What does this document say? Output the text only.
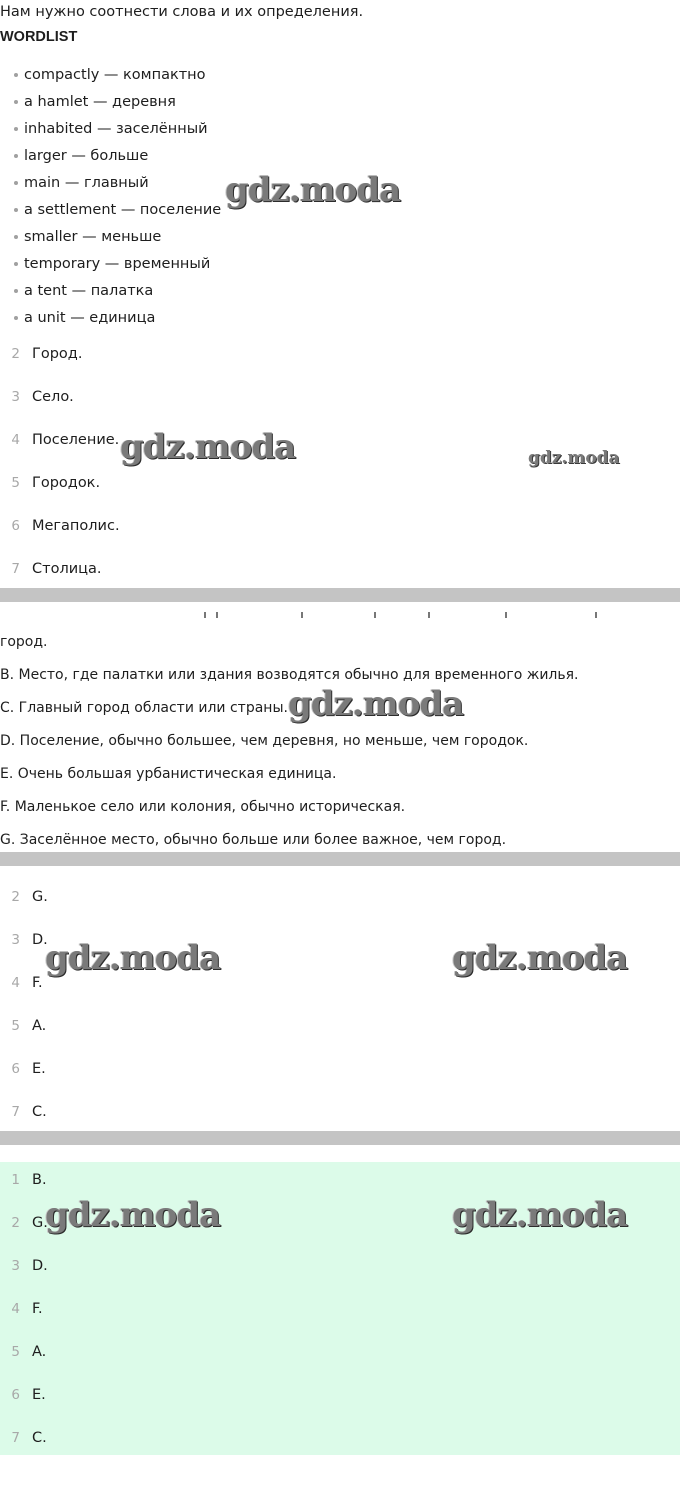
Нам нужно соотнести слова и их определения.
WORDLIST
compactly — компактно
a hamlet — деревня
inhabited — заселённый
larger — больше
main — главный
a settlement — поселение
smaller — меньше
temporary — временный
a tent — палатка
a unit — единица
2 Город.
3 Село.
4 Поселение.
5 Городок.
6 Мегаполис.
7 Столица.
город.
B. Место, где палатки или здания возводятся обычно для временного жилья.
C. Главный город области или страны.
D. Поселение, обычно большее, чем деревня, но меньше, чем городок.
E. Очень большая урбанистическая единица.
F. Маленькое село или колония, обычно историческая.
G. Заселённое место, обычно больше или более важное, чем город.
2 G.
3 D.
4 F.
5 A.
6 E.
7 C.
1 B.
2 G.
3 D.
4 F.
5 A.
6 E.
7 C.
gdz.moda
gdz.moda	gdz.moda
gdz.moda
gdz.moda	gdz.moda
gdz.moda	gdz.moda
